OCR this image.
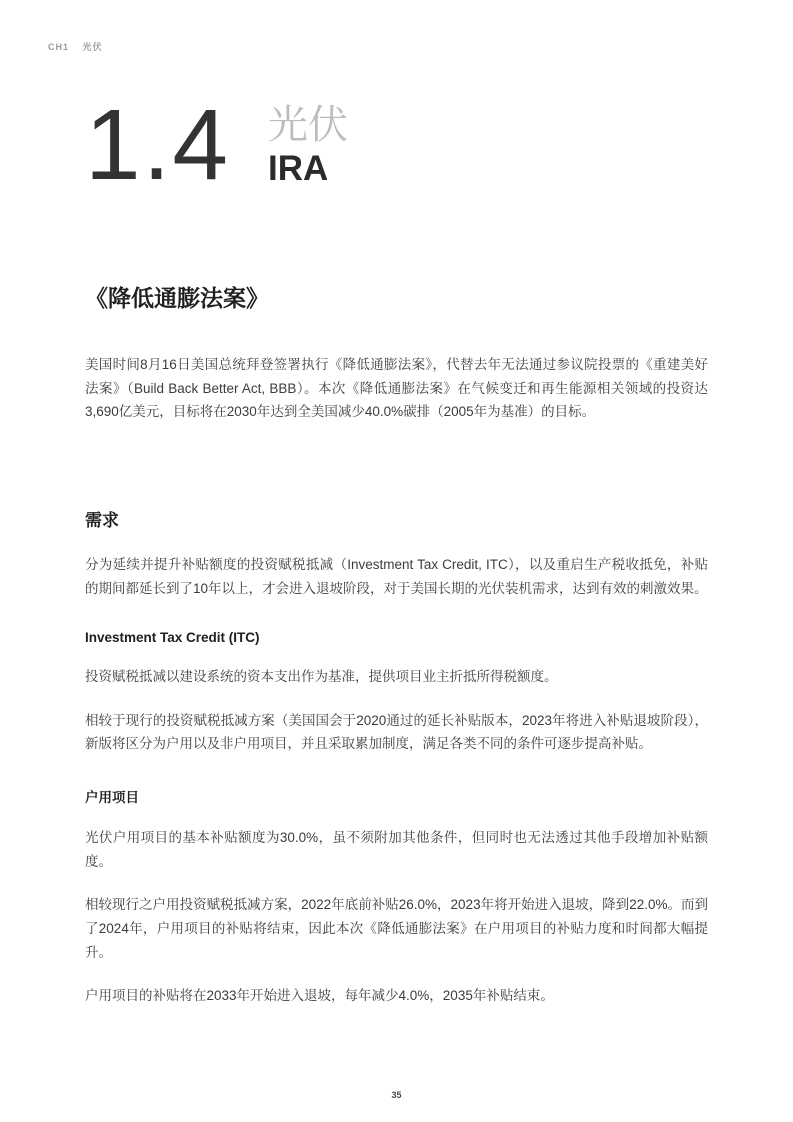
CH1 光伏
1.4 光伏
IRA
《降低通膨法案》

美国时间8月16日美国总统拜登签署执行《降低通膨法案》，代替去年无法通过参议院投票的《重建美好法案》（Build Back Better Act, BBB）。本次《降低通膨法案》在气候变迁和再生能源相关领域的投资达3,690亿美元，目标将在2030年达到全美国减少40.0%碳排（2005年为基准）的目标。

需求

分为延续并提升补贴额度的投资赋税抵减（Investment Tax Credit, ITC），以及重启生产税收抵免，补贴的期间都延长到了10年以上，才会进入退坡阶段，对于美国长期的光伏装机需求，达到有效的刺激效果。

Investment Tax Credit (ITC)

投资赋税抵减以建设系统的资本支出作为基准，提供项目业主折抵所得税额度。

相较于现行的投资赋税抵减方案（美国国会于2020通过的延长补贴版本，2023年将进入补贴退坡阶段），新版将区分为户用以及非户用项目，并且采取累加制度，满足各类不同的条件可逐步提高补贴。

户用项目

光伏户用项目的基本补贴额度为30.0%，虽不须附加其他条件，但同时也无法透过其他手段增加补贴额度。

相较现行之户用投资赋税抵减方案，2022年底前补贴26.0%，2023年将开始进入退坡，降到22.0%。而到了2024年，户用项目的补贴将结束，因此本次《降低通膨法案》在户用项目的补贴力度和时间都大幅提升。

户用项目的补贴将在2033年开始进入退坡，每年减少4.0%，2035年补贴结束。

35
